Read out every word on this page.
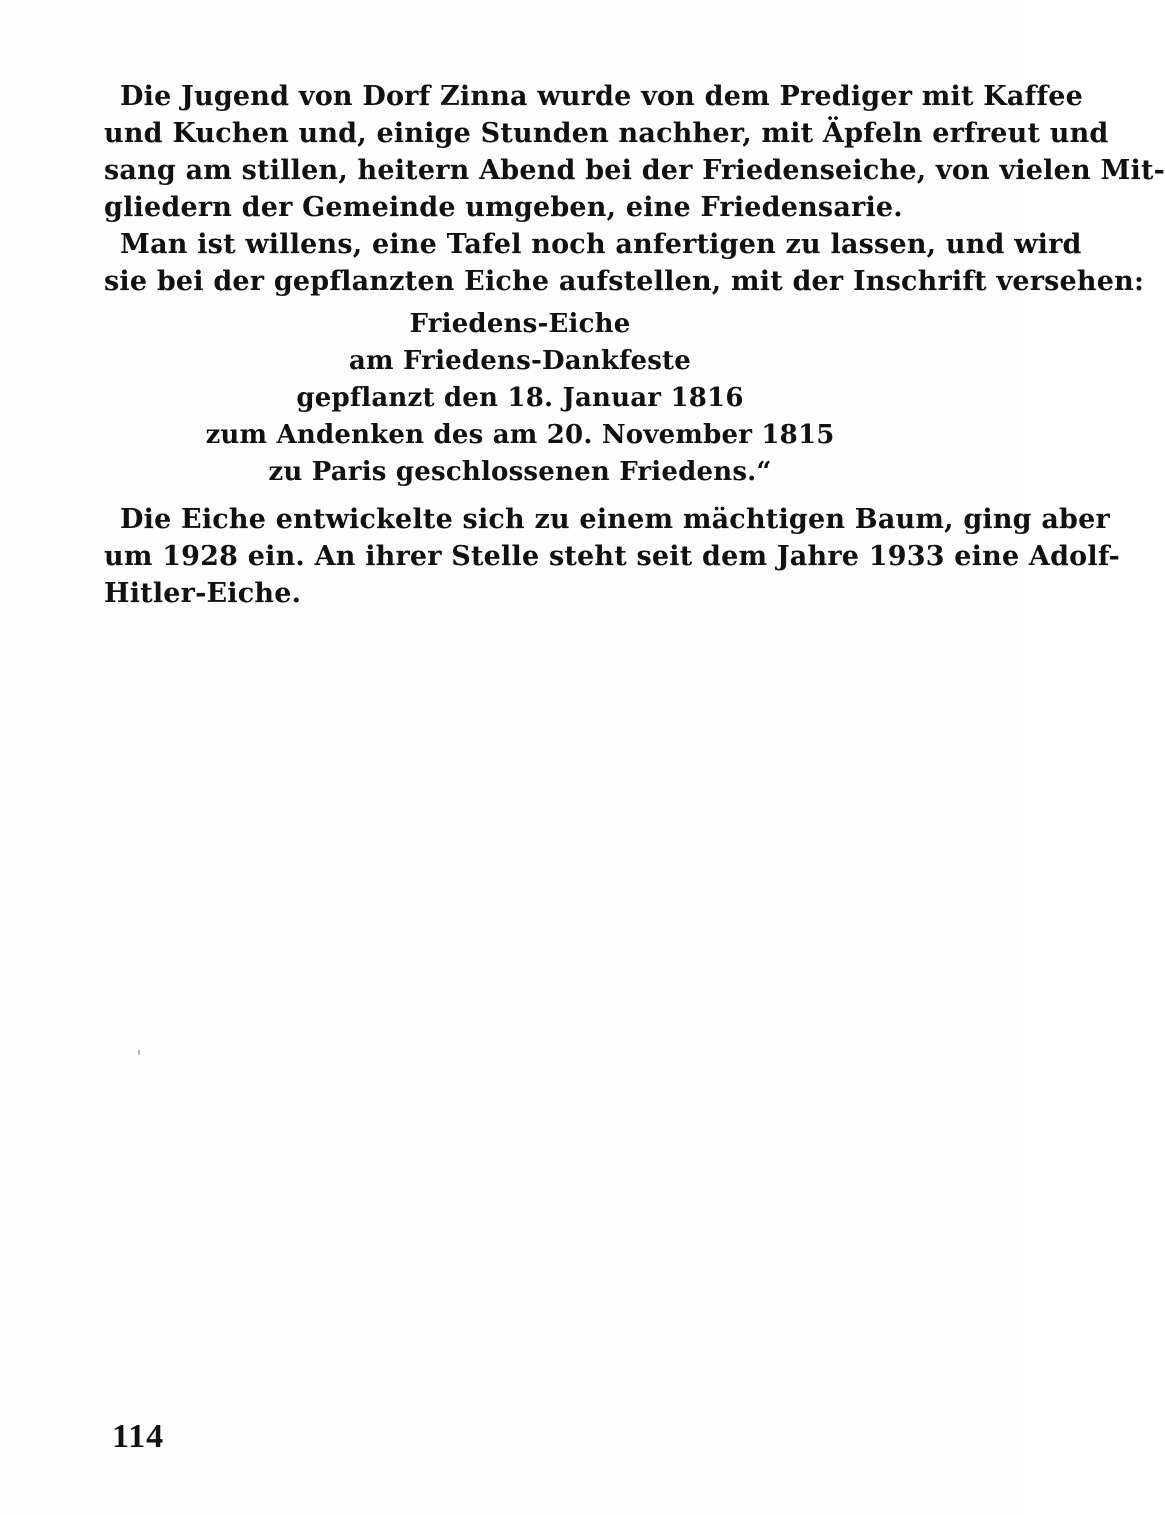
Die Jugend von Dorf Zinna wurde von dem Prediger mit Kaffee
und Kuchen und, einige Stunden nachher, mit Äpfeln erfreut und
sang am stillen, heitern Abend bei der Friedenseiche, von vielen Mit-
gliedern der Gemeinde umgeben, eine Friedensarie.
Man ist willens, eine Tafel noch anfertigen zu lassen, und wird
sie bei der gepflanzten Eiche aufstellen, mit der Inschrift versehen:
Friedens-Eiche
am Friedens-Dankfeste
gepflanzt den 18. Januar 1816
zum Andenken des am 20. November 1815
zu Paris geschlossenen Friedens.“
Die Eiche entwickelte sich zu einem mächtigen Baum, ging aber
um 1928 ein. An ihrer Stelle steht seit dem Jahre 1933 eine Adolf-
Hitler-Eiche.
114
